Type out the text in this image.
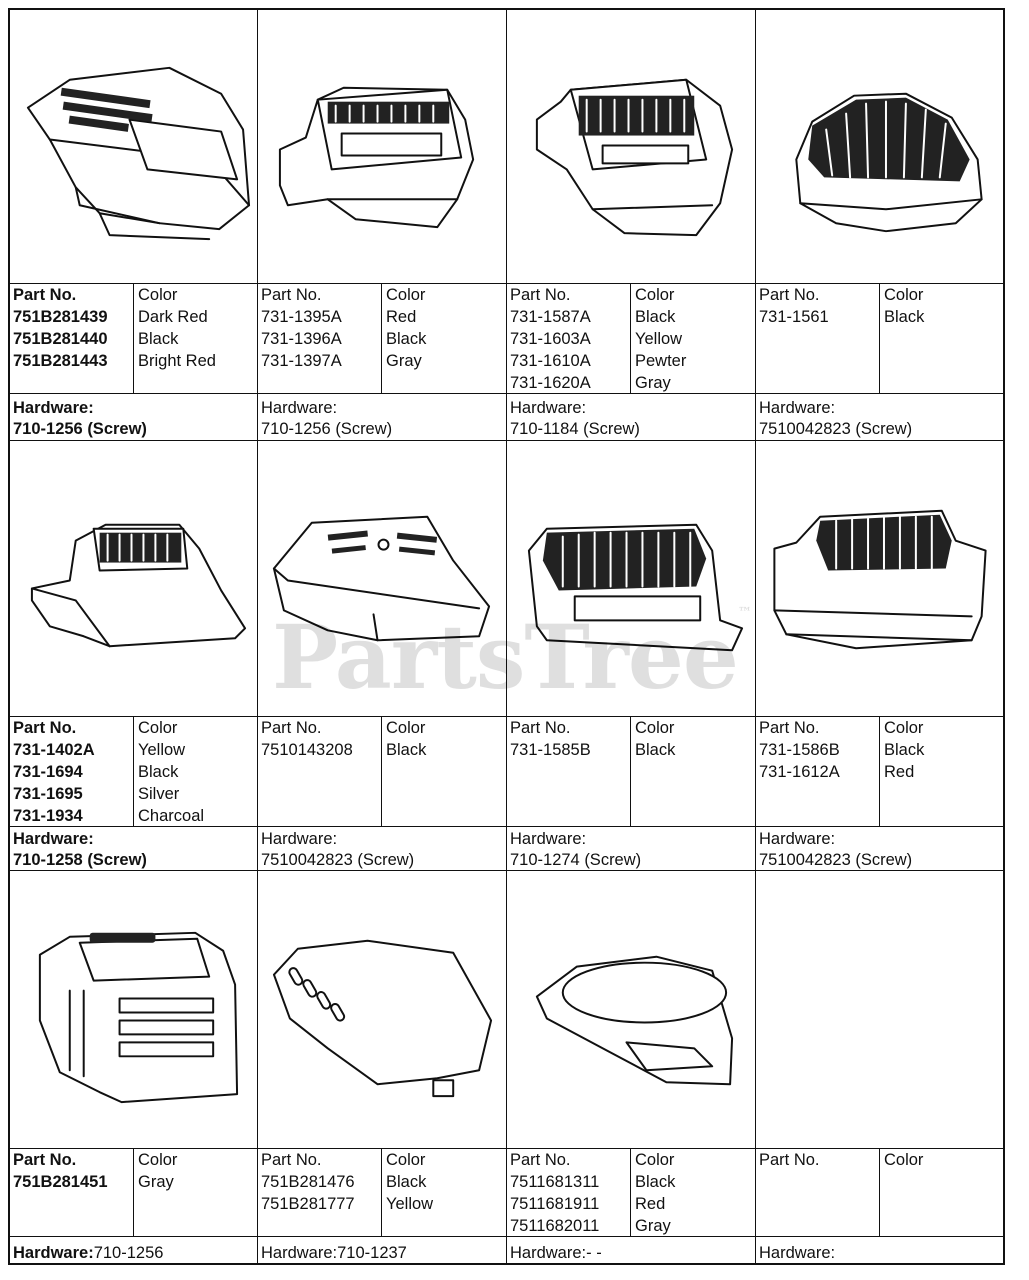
Part No.
751B281439
751B281440
751B281443
Color
Dark Red
Black
Bright Red
Hardware:
710-1256 (Screw)
Part No.
731-1395A
731-1396A
731-1397A
Color
Red
Black
Gray
Hardware:
710-1256 (Screw)
Part No.
731-1587A
731-1603A
731-1610A
731-1620A
Color
Black
Yellow
Pewter
Gray
Hardware:
710-1184 (Screw)
Part No.
731-1561
Color
Black
Hardware:
7510042823 (Screw)
Part No.
731-1402A
731-1694
731-1695
731-1934
Color
Yellow
Black
Silver
Charcoal
Hardware:
710-1258 (Screw)
Part No.
7510143208
Color
Black
Hardware:
7510042823 (Screw)
Part No.
731-1585B
Color
Black
Hardware:
710-1274 (Screw)
Part No.
731-1586B
731-1612A
Color
Black
Red
Hardware:
7510042823 (Screw)
Part No.
751B281451
Color
Gray
Hardware: 710-1256
Part No.
751B281476
751B281777
Color
Black
Yellow
Hardware: 710-1237
Part No.
7511681311
7511681911
7511682011
Color
Black
Red
Gray
Hardware: - -
Part No.	Color
Hardware:
PartsTree™
